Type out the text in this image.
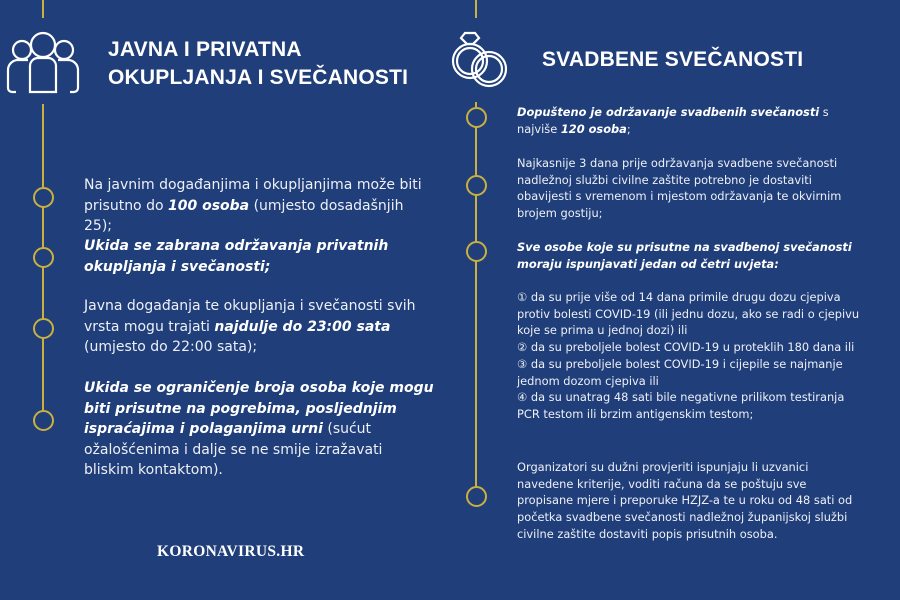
JAVNA I PRIVATNA
OKUPLJANJA I SVEČANOSTI
Na javnim događanjima i okupljanjima može biti prisutno do 100 osoba (umjesto dosadašnjih 25);
Ukida se zabrana održavanja privatnih okupljanja i svečanosti;
Javna događanja te okupljanja i svečanosti svih vrsta mogu trajati najdulje do 23:00 sata (umjesto do 22:00 sata);
Ukida se ograničenje broja osoba koje mogu biti prisutne na pogrebima, posljednjim ispraćajima i polaganjima urni (sućut ožalošćenima i dalje se ne smije izražavati bliskim kontaktom).
KORONAVIRUS.HR
SVADBENE SVEČANOSTI
Dopušteno je održavanje svadbenih svečanosti s najviše 120 osoba;
Najkasnije 3 dana prije održavanja svadbene svečanosti nadležnoj službi civilne zaštite potrebno je dostaviti obavijesti s vremenom i mjestom održavanja te okvirnim brojem gostiju;
Sve osobe koje su prisutne na svadbenoj svečanosti moraju ispunjavati jedan od četri uvjeta:
① da su prije više od 14 dana primile drugu dozu cjepiva protiv bolesti COVID-19 (ili jednu dozu, ako se radi o cjepivu koje se prima u jednoj dozi) ili
② da su preboljele bolest COVID-19 u proteklih 180 dana ili
③ da su preboljele bolest COVID-19 i cijepile se najmanje jednom dozom cjepiva ili
④ da su unatrag 48 sati bile negativne prilikom testiranja PCR testom ili brzim antigenskim testom;
Organizatori su dužni provjeriti ispunjaju li uzvanici navedene kriterije, voditi računa da se poštuju sve propisane mjere i preporuke HZJZ-a te u roku od 48 sati od početka svadbene svečanosti nadležnoj županijskoj službi civilne zaštite dostaviti popis prisutnih osoba.
